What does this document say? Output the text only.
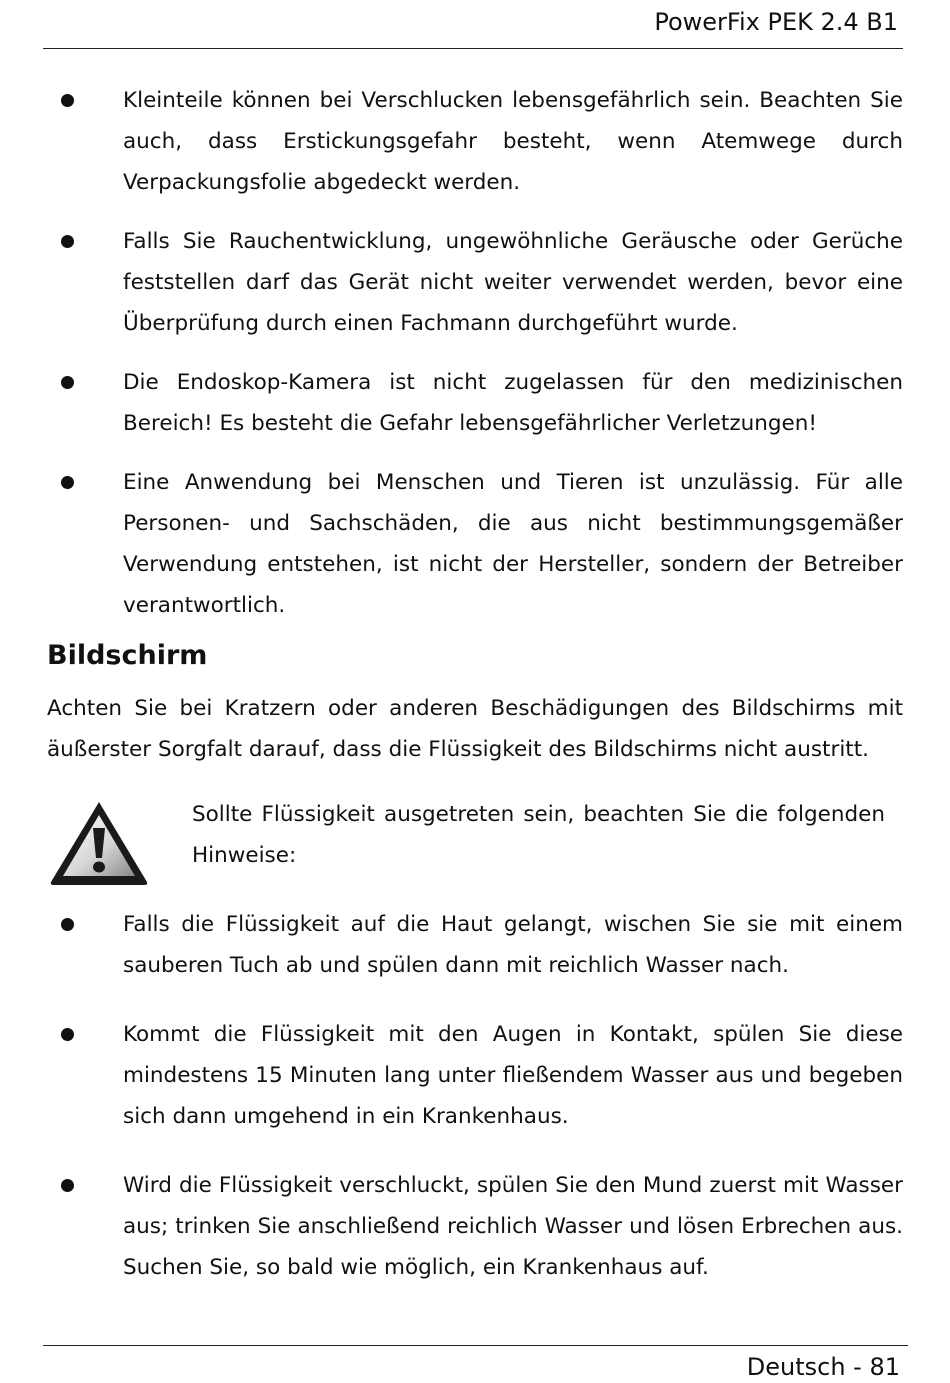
PowerFix PEK 2.4 B1
Kleinteile können bei Verschlucken lebensgefährlich sein. Beachten Sie auch, dass Erstickungsgefahr besteht, wenn Atemwege durch Verpackungsfolie abgedeckt werden.
Falls Sie Rauchentwicklung, ungewöhnliche Geräusche oder Gerüche feststellen darf das Gerät nicht weiter verwendet werden, bevor eine Überprüfung durch einen Fachmann durchgeführt wurde.
Die Endoskop-Kamera ist nicht zugelassen für den medizinischen Bereich! Es besteht die Gefahr lebensgefährlicher Verletzungen!
Eine Anwendung bei Menschen und Tieren ist unzulässig. Für alle Personen- und Sachschäden, die aus nicht bestimmungsgemäßer Verwendung entstehen, ist nicht der Hersteller, sondern der Betreiber verantwortlich.
Bildschirm

Achten Sie bei Kratzern oder anderen Beschädigungen des Bildschirms mit äußerster Sorgfalt darauf, dass die Flüssigkeit des Bildschirms nicht austritt.

Sollte Flüssigkeit ausgetreten sein, beachten Sie die folgenden Hinweise:
Falls die Flüssigkeit auf die Haut gelangt, wischen Sie sie mit einem sauberen Tuch ab und spülen dann mit reichlich Wasser nach.
Kommt die Flüssigkeit mit den Augen in Kontakt, spülen Sie diese mindestens 15 Minuten lang unter fließendem Wasser aus und begeben sich dann umgehend in ein Krankenhaus.
Wird die Flüssigkeit verschluckt, spülen Sie den Mund zuerst mit Wasser aus; trinken Sie anschließend reichlich Wasser und lösen Erbrechen aus. Suchen Sie, so bald wie möglich, ein Krankenhaus auf.
Deutsch - 81
